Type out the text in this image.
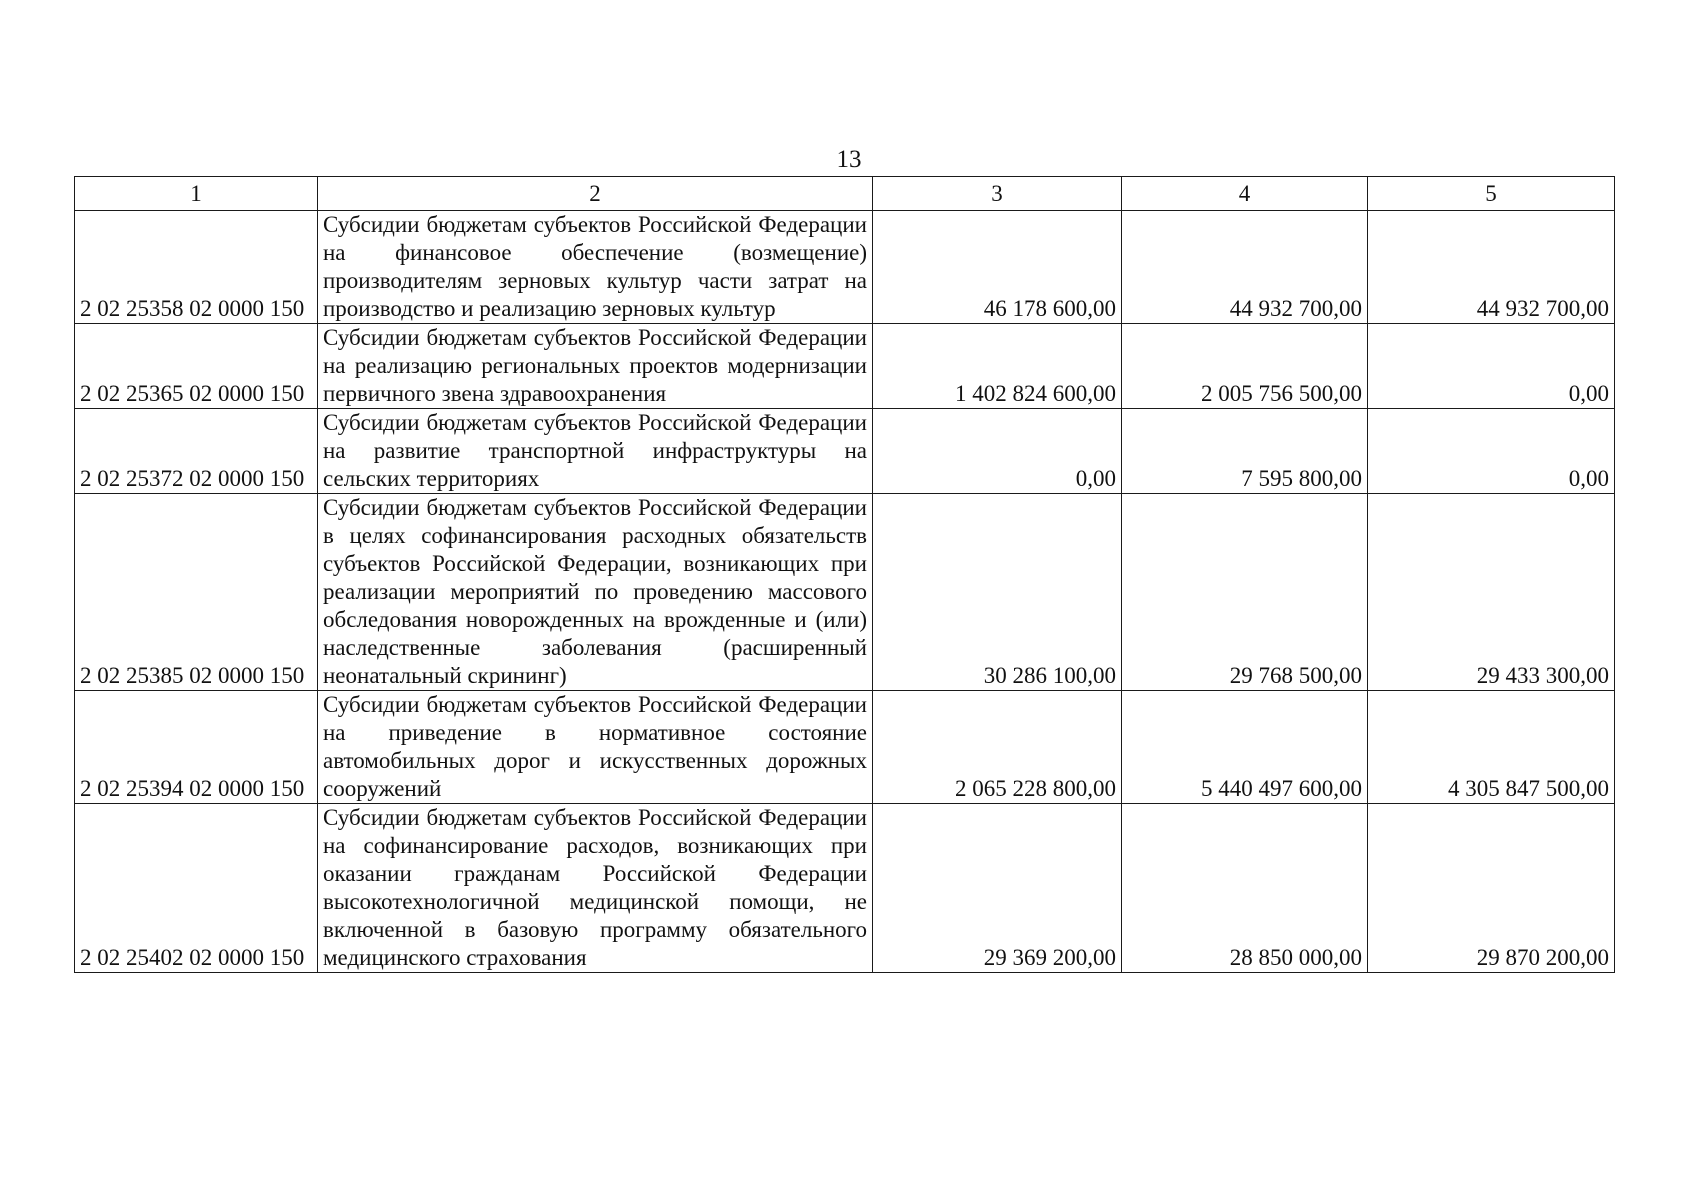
13
1	2	3	4	5
2 02 25358 02 0000 150	Субсидии бюджетам субъектов Российской Федерации на финансовое обеспечение (возмещение) производителям зерновых культур части затрат на производство и реализацию зерновых культур	46 178 600,00	44 932 700,00	44 932 700,00
2 02 25365 02 0000 150	Субсидии бюджетам субъектов Российской Федерации на реализацию региональных проектов модернизации первичного звена здравоохранения	1 402 824 600,00	2 005 756 500,00	0,00
2 02 25372 02 0000 150	Субсидии бюджетам субъектов Российской Федерации на развитие транспортной инфраструктуры на сельских территориях	0,00	7 595 800,00	0,00
2 02 25385 02 0000 150	Субсидии бюджетам субъектов Российской Федерации в целях софинансирования расходных обязательств субъектов Российской Федерации, возникающих при реализации мероприятий по проведению массового обследования новорожденных на врожденные и (или) наследственные заболевания (расширенный неонатальный скрининг)	30 286 100,00	29 768 500,00	29 433 300,00
2 02 25394 02 0000 150	Субсидии бюджетам субъектов Российской Федерации на приведение в нормативное состояние автомобильных дорог и искусственных дорожных сооружений	2 065 228 800,00	5 440 497 600,00	4 305 847 500,00
2 02 25402 02 0000 150	Субсидии бюджетам субъектов Российской Федерации на софинансирование расходов, возникающих при оказании гражданам Российской Федерации высокотехнологичной медицинской помощи, не включенной в базовую программу обязательного медицинского страхования	29 369 200,00	28 850 000,00	29 870 200,00
